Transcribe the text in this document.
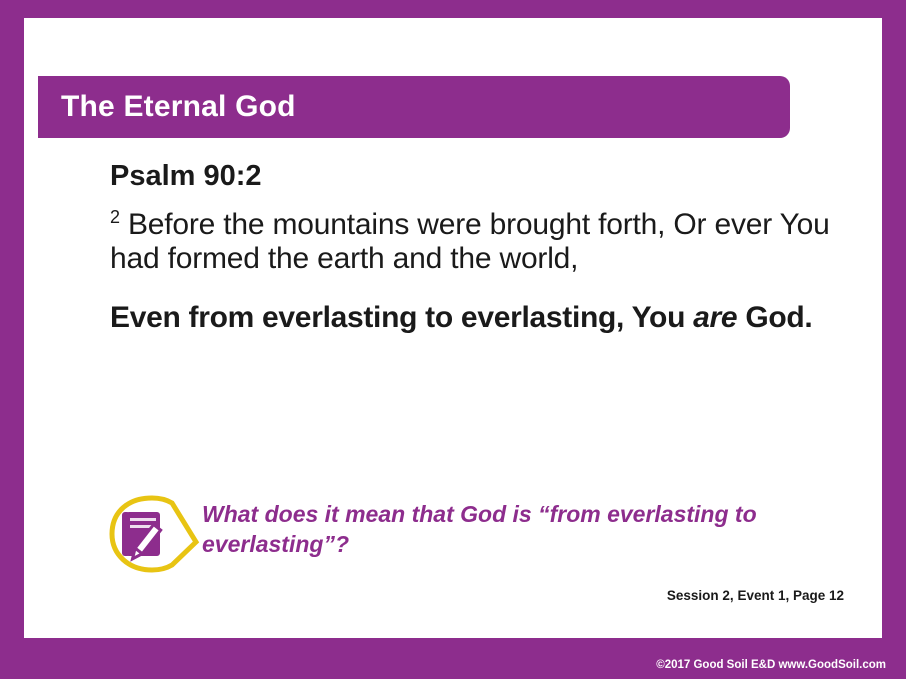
The Eternal God

Psalm 90:2

$^2$ Before the mountains were brought forth, Or ever You had formed the earth and the world,

Even from everlasting to everlasting, You are God.

What does it mean that God is “from everlasting to everlasting”?
Session 2, Event 1, Page 12
©2017 Good Soil E&D www.GoodSoil.com
